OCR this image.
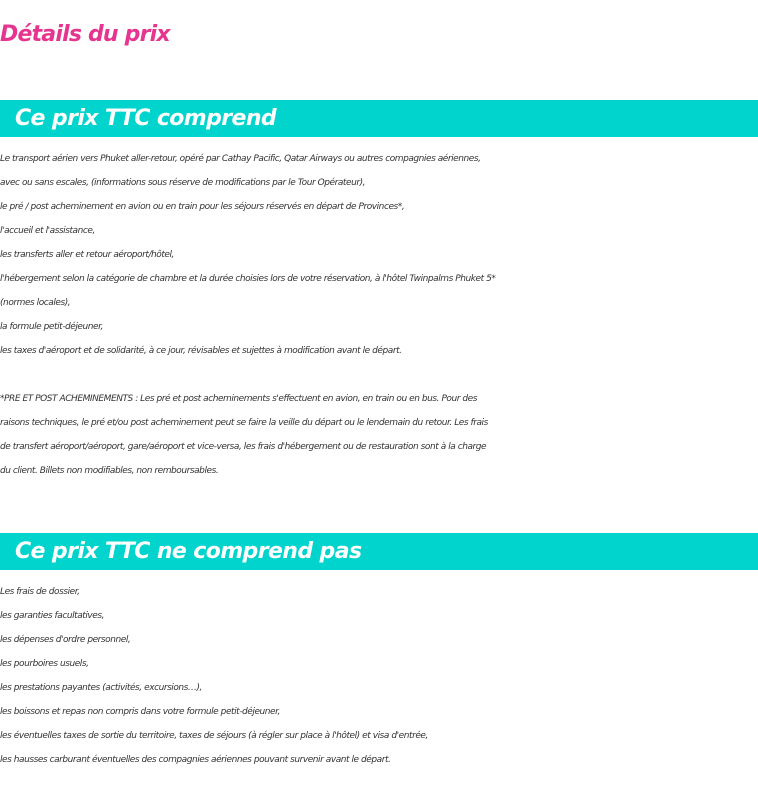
Détails du prix
Ce prix TTC comprend
Le transport aérien vers Phuket aller-retour, opéré par Cathay Pacific, Qatar Airways ou autres compagnies aériennes,
avec ou sans escales, (informations sous réserve de modifications par le Tour Opérateur),
le pré / post acheminement en avion ou en train pour les séjours réservés en départ de Provinces*,
l'accueil et l'assistance,
les transferts aller et retour aéroport/hôtel,
l'hébergement selon la catégorie de chambre et la durée choisies lors de votre réservation, à l'hôtel Twinpalms Phuket 5*
(normes locales),
la formule petit-déjeuner,
les taxes d'aéroport et de solidarité, à ce jour, révisables et sujettes à modification avant le départ.
*PRE ET POST ACHEMINEMENTS : Les pré et post acheminements s'effectuent en avion, en train ou en bus. Pour des
raisons techniques, le pré et/ou post acheminement peut se faire la veille du départ ou le lendemain du retour. Les frais
de transfert aéroport/aéroport, gare/aéroport et vice-versa, les frais d'hébergement ou de restauration sont à la charge
du client. Billets non modifiables, non remboursables.
Ce prix TTC ne comprend pas
Les frais de dossier,
les garanties facultatives,
les dépenses d'ordre personnel,
les pourboires usuels,
les prestations payantes (activités, excursions…),
les boissons et repas non compris dans votre formule petit-déjeuner,
les éventuelles taxes de sortie du territoire, taxes de séjours (à régler sur place à l'hôtel) et visa d'entrée,
les hausses carburant éventuelles des compagnies aériennes pouvant survenir avant le départ.
